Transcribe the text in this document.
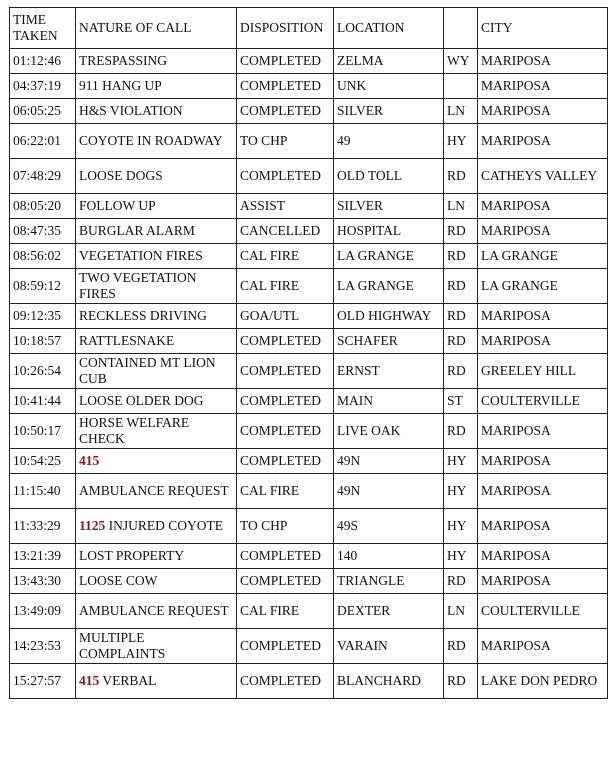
TIME TAKEN	NATURE OF CALL	DISPOSITION	LOCATION		CITY
01:12:46	TRESPASSING	COMPLETED	ZELMA	WY	MARIPOSA
04:37:19	911 HANG UP	COMPLETED	UNK		MARIPOSA
06:05:25	H&S VIOLATION	COMPLETED	SILVER	LN	MARIPOSA
06:22:01	COYOTE IN ROADWAY	TO CHP	49	HY	MARIPOSA
07:48:29	LOOSE DOGS	COMPLETED	OLD TOLL	RD	CATHEYS VALLEY
08:05:20	FOLLOW UP	ASSIST	SILVER	LN	MARIPOSA
08:47:35	BURGLAR ALARM	CANCELLED	HOSPITAL	RD	MARIPOSA
08:56:02	VEGETATION FIRES	CAL FIRE	LA GRANGE	RD	LA GRANGE
08:59:12	TWO VEGETATION FIRES	CAL FIRE	LA GRANGE	RD	LA GRANGE
09:12:35	RECKLESS DRIVING	GOA/UTL	OLD HIGHWAY	RD	MARIPOSA
10:18:57	RATTLESNAKE	COMPLETED	SCHAFER	RD	MARIPOSA
10:26:54	CONTAINED MT LION CUB	COMPLETED	ERNST	RD	GREELEY HILL
10:41:44	LOOSE OLDER DOG	COMPLETED	MAIN	ST	COULTERVILLE
10:50:17	HORSE WELFARE CHECK	COMPLETED	LIVE OAK	RD	MARIPOSA
10:54:25	415	COMPLETED	49N	HY	MARIPOSA
11:15:40	AMBULANCE REQUEST	CAL FIRE	49N	HY	MARIPOSA
11:33:29	1125 INJURED COYOTE	TO CHP	49S	HY	MARIPOSA
13:21:39	LOST PROPERTY	COMPLETED	140	HY	MARIPOSA
13:43:30	LOOSE COW	COMPLETED	TRIANGLE	RD	MARIPOSA
13:49:09	AMBULANCE REQUEST	CAL FIRE	DEXTER	LN	COULTERVILLE
14:23:53	MULTIPLE COMPLAINTS	COMPLETED	VARAIN	RD	MARIPOSA
15:27:57	415 VERBAL	COMPLETED	BLANCHARD	RD	LAKE DON PEDRO
